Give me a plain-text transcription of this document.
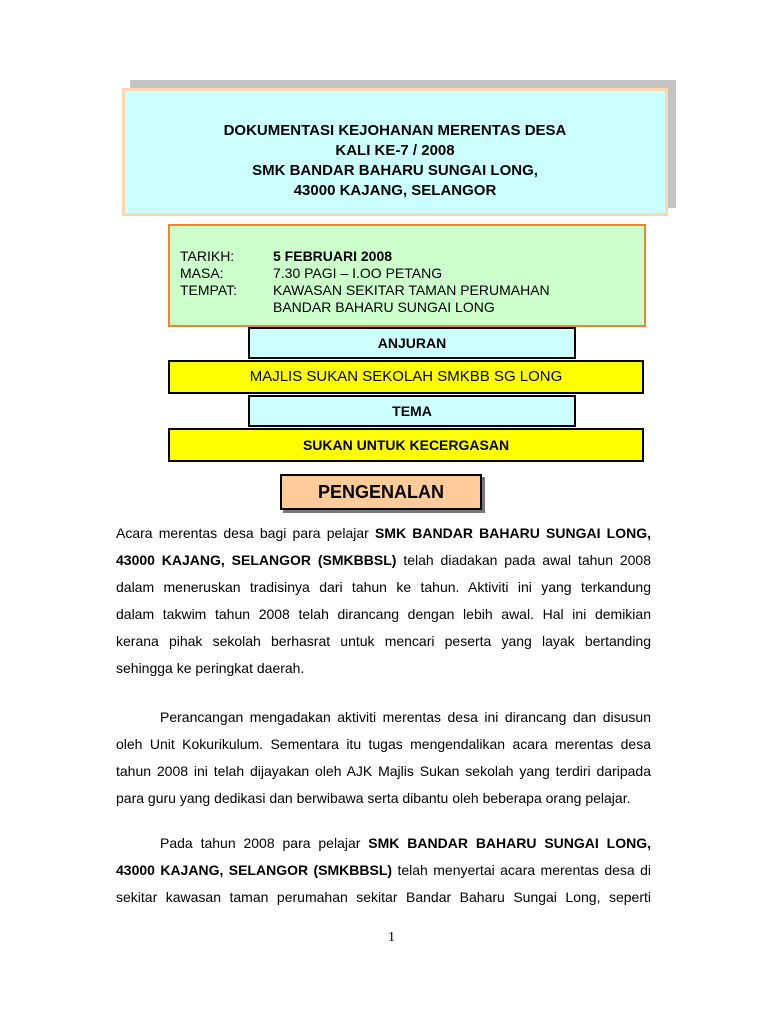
DOKUMENTASI KEJOHANAN MERENTAS DESA
KALI KE-7 / 2008
SMK BANDAR BAHARU SUNGAI LONG,
43000 KAJANG, SELANGOR
TARIKH:	5 FEBRUARI 2008
MASA:	7.30 PAGI – I.OO PETANG
TEMPAT:	KAWASAN SEKITAR TAMAN PERUMAHAN
BANDAR BAHARU SUNGAI LONG
ANJURAN
MAJLIS SUKAN SEKOLAH SMKBB SG LONG
TEMA
SUKAN UNTUK KECERGASAN
PENGENALAN
Acara merentas desa bagi para pelajar SMK BANDAR BAHARU SUNGAI LONG,
43000 KAJANG, SELANGOR (SMKBBSL) telah diadakan pada awal tahun 2008
dalam meneruskan tradisinya dari tahun ke tahun. Aktiviti ini yang terkandung
dalam takwim tahun 2008 telah dirancang dengan lebih awal. Hal ini demikian
kerana pihak sekolah berhasrat untuk mencari peserta yang layak bertanding
sehingga ke peringkat daerah.
Perancangan mengadakan aktiviti merentas desa ini dirancang dan disusun
oleh Unit Kokurikulum. Sementara itu tugas mengendalikan acara merentas desa
tahun 2008 ini telah dijayakan oleh AJK Majlis Sukan sekolah yang terdiri daripada
para guru yang dedikasi dan berwibawa serta dibantu oleh beberapa orang pelajar.
Pada tahun 2008 para pelajar SMK BANDAR BAHARU SUNGAI LONG,
43000 KAJANG, SELANGOR (SMKBBSL) telah menyertai acara merentas desa di
sekitar kawasan taman perumahan sekitar Bandar Baharu Sungai Long, seperti
1
